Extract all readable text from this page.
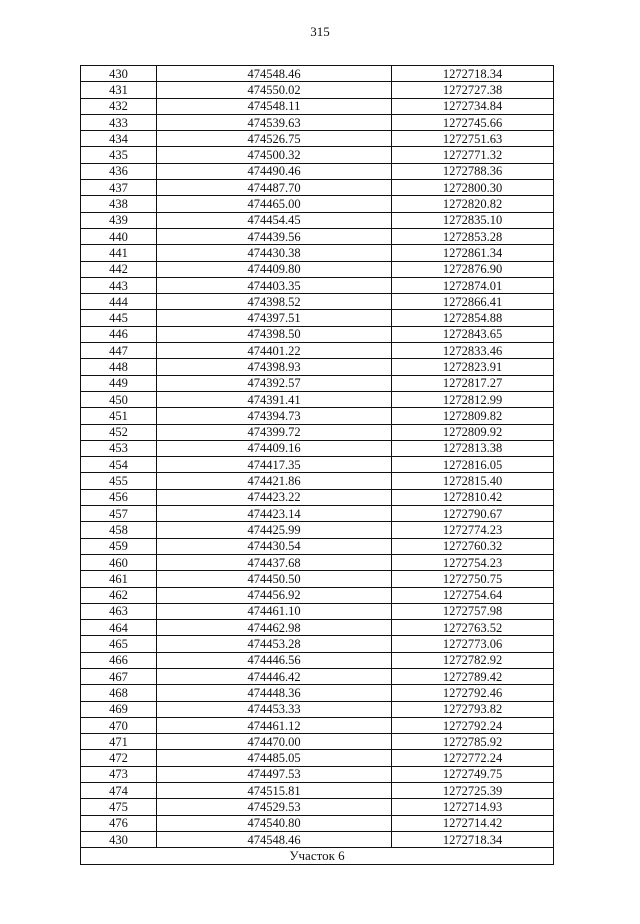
315
430	474548.46	1272718.34
431	474550.02	1272727.38
432	474548.11	1272734.84
433	474539.63	1272745.66
434	474526.75	1272751.63
435	474500.32	1272771.32
436	474490.46	1272788.36
437	474487.70	1272800.30
438	474465.00	1272820.82
439	474454.45	1272835.10
440	474439.56	1272853.28
441	474430.38	1272861.34
442	474409.80	1272876.90
443	474403.35	1272874.01
444	474398.52	1272866.41
445	474397.51	1272854.88
446	474398.50	1272843.65
447	474401.22	1272833.46
448	474398.93	1272823.91
449	474392.57	1272817.27
450	474391.41	1272812.99
451	474394.73	1272809.82
452	474399.72	1272809.92
453	474409.16	1272813.38
454	474417.35	1272816.05
455	474421.86	1272815.40
456	474423.22	1272810.42
457	474423.14	1272790.67
458	474425.99	1272774.23
459	474430.54	1272760.32
460	474437.68	1272754.23
461	474450.50	1272750.75
462	474456.92	1272754.64
463	474461.10	1272757.98
464	474462.98	1272763.52
465	474453.28	1272773.06
466	474446.56	1272782.92
467	474446.42	1272789.42
468	474448.36	1272792.46
469	474453.33	1272793.82
470	474461.12	1272792.24
471	474470.00	1272785.92
472	474485.05	1272772.24
473	474497.53	1272749.75
474	474515.81	1272725.39
475	474529.53	1272714.93
476	474540.80	1272714.42
430	474548.46	1272718.34
Участок 6		
